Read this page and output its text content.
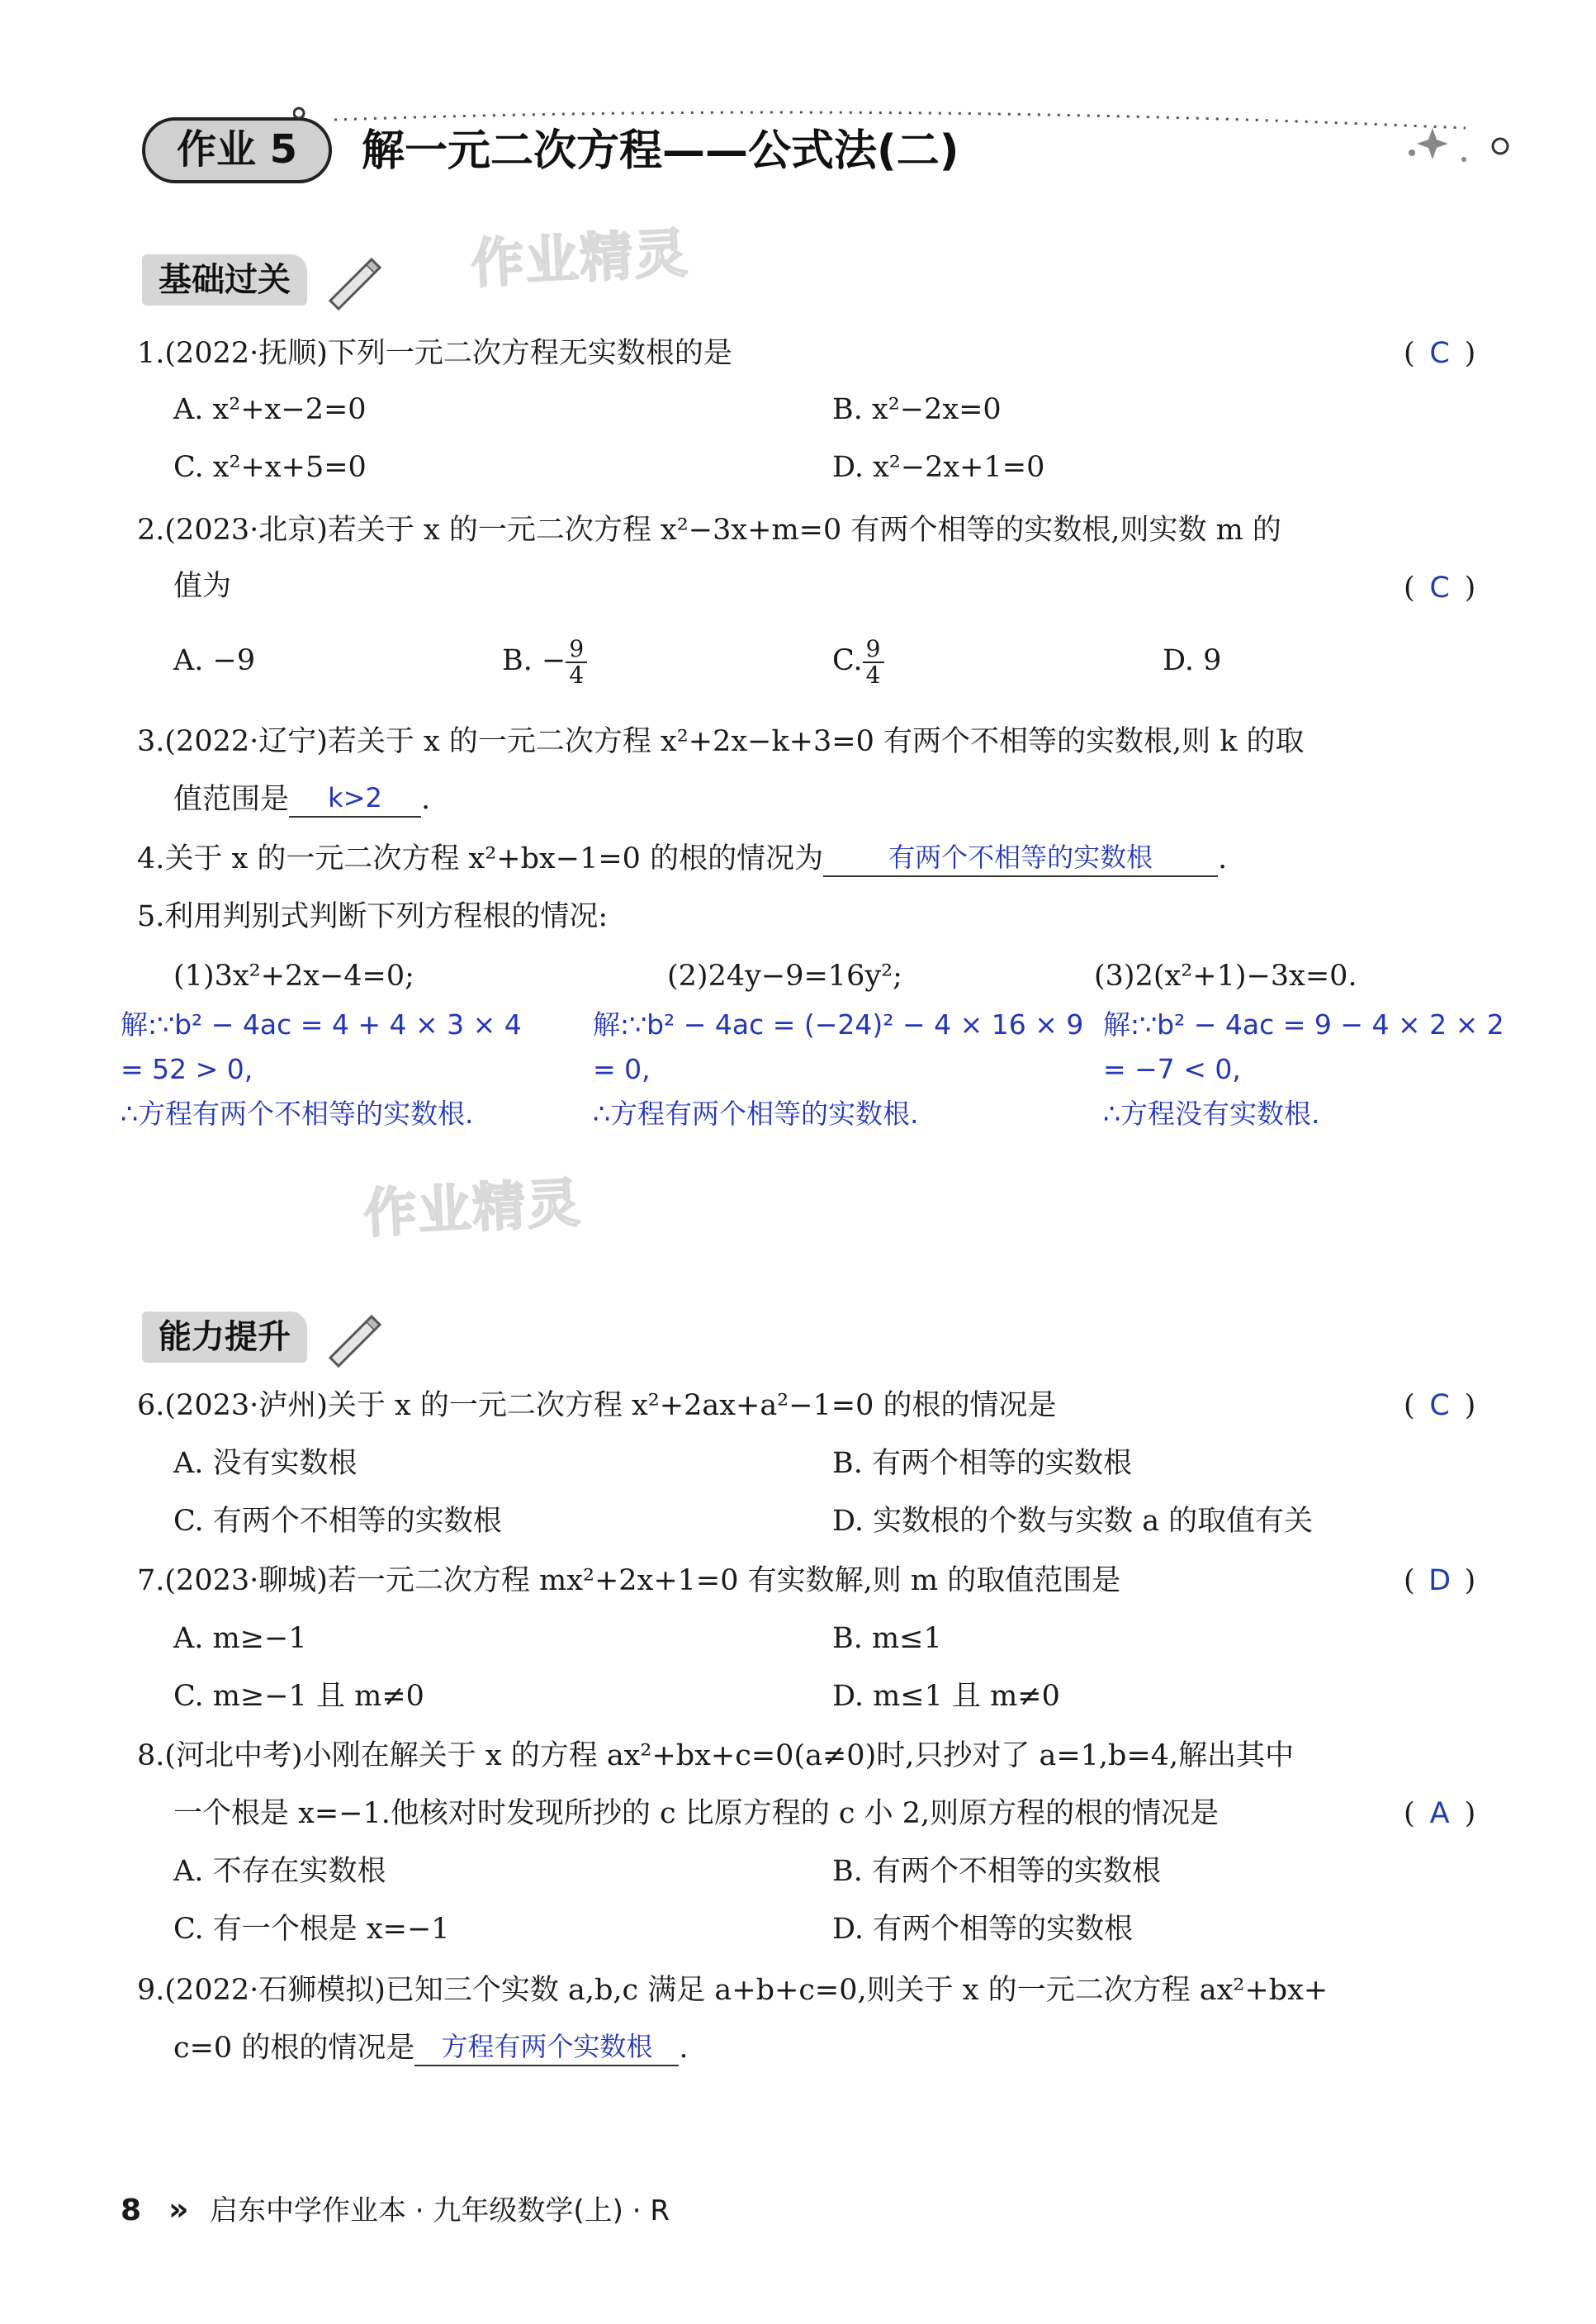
作业 5	解一元二次方程——公式法(二)
作业精灵
作业精灵
基础过关
1.(2022·抚顺)下列一元二次方程无实数根的是	( C )
A. x²+x−2=0	B. x²−2x=0
C. x²+x+5=0	D. x²−2x+1=0
2.(2023·北京)若关于 x 的一元二次方程 x²−3x+m=0 有两个相等的实数根,则实数 m 的
值为	( C )
A. −9	B. − $\frac{9}{4}$	C. $\frac{9}{4}$	D. 9
3.(2022·辽宁)若关于 x 的一元二次方程 x²+2x−k+3=0 有两个不相等的实数根,则 k 的取
值范围是 k>2 .
4.关于 x 的一元二次方程 x²+bx−1=0 的根的情况为 有两个不相等的实数根 .
5.利用判别式判断下列方程根的情况:
(1)3x²+2x−4=0;	(2)24y−9=16y²;	(3)2(x²+1)−3x=0.
解:∵b² − 4ac = 4 + 4 × 3 × 4
= 52 > 0,
∴方程有两个不相等的实数根.
解:∵b² − 4ac = (−24)² − 4 × 16 × 9
= 0,
∴方程有两个相等的实数根.
解:∵b² − 4ac = 9 − 4 × 2 × 2
= −7 < 0,
∴方程没有实数根.
能力提升
6.(2023·泸州)关于 x 的一元二次方程 x²+2ax+a²−1=0 的根的情况是	( C )
A. 没有实数根	B. 有两个相等的实数根
C. 有两个不相等的实数根	D. 实数根的个数与实数 a 的取值有关
7.(2023·聊城)若一元二次方程 mx²+2x+1=0 有实数解,则 m 的取值范围是	( D )
A. m≥−1	B. m≤1
C. m≥−1 且 m≠0	D. m≤1 且 m≠0
8.(河北中考)小刚在解关于 x 的方程 ax²+bx+c=0(a≠0)时,只抄对了 a=1,b=4,解出其中
一个根是 x=−1.他核对时发现所抄的 c 比原方程的 c 小 2,则原方程的根的情况是	( A )
A. 不存在实数根	B. 有两个不相等的实数根
C. 有一个根是 x=−1	D. 有两个相等的实数根
9.(2022·石狮模拟)已知三个实数 a,b,c 满足 a+b+c=0,则关于 x 的一元二次方程 ax²+bx+
c=0 的根的情况是 方程有两个实数根 .
8 » 启东中学作业本 · 九年级数学(上) · R
